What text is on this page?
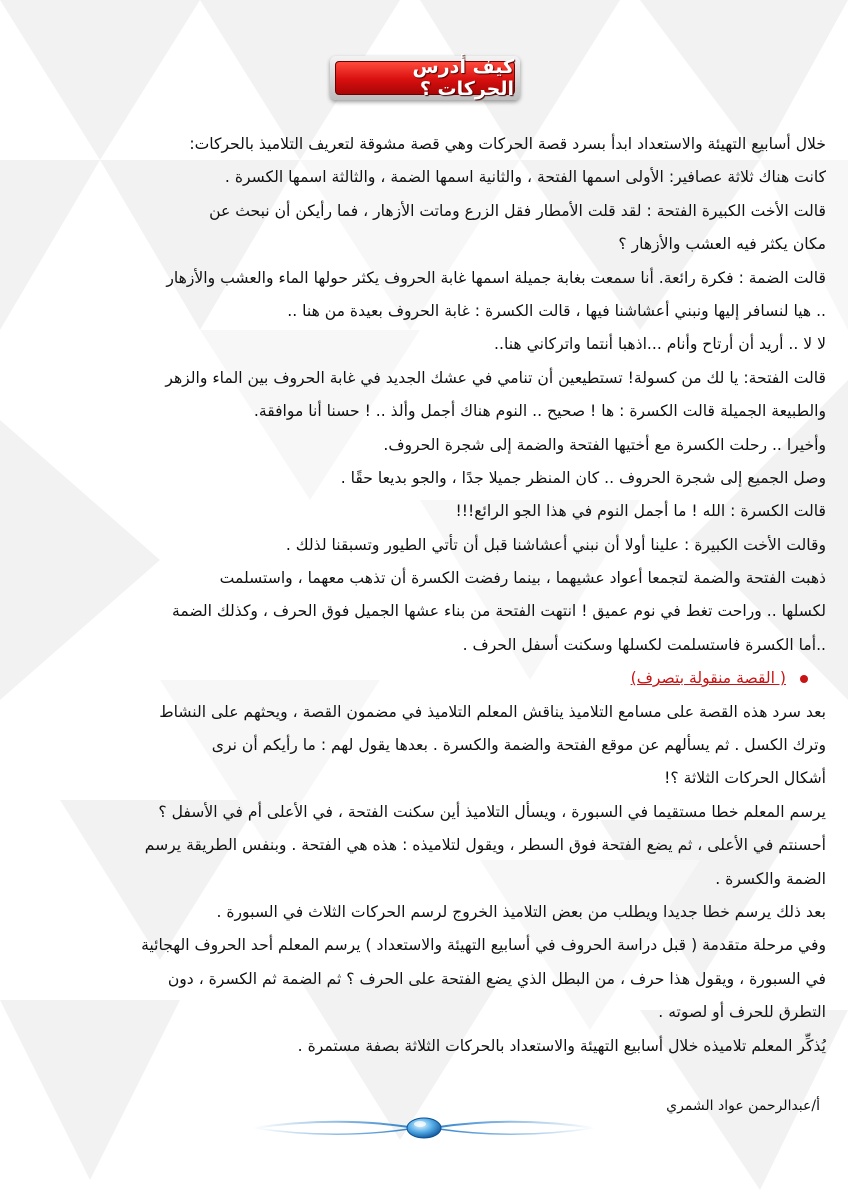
كيف أدرس الحركات ؟
خلال أسابيع التهيئة والاستعداد ابدأ بسرد قصة الحركات وهي قصة مشوقة لتعريف التلاميذ بالحركات:
كانت هناك ثلاثة عصافير: الأولى اسمها الفتحة ، والثانية اسمها الضمة ، والثالثة اسمها الكسرة .
قالت الأخت الكبيرة الفتحة : لقد قلت الأمطار فقل الزرع وماتت الأزهار ، فما رأيكن أن نبحث عن
مكان يكثر فيه العشب والأزهار ؟
قالت الضمة : فكرة رائعة. أنا سمعت بغابة جميلة اسمها غابة الحروف يكثر حولها الماء والعشب والأزهار
.. هيا لنسافر إليها ونبني أعشاشنا فيها ، قالت الكسرة : غابة الحروف بعيدة من هنا ..
لا لا .. أريد أن أرتاح وأنام ...اذهبا أنتما واتركاني هنا..
قالت الفتحة: يا لك من كسولة! تستطيعين أن تنامي في عشك الجديد في غابة الحروف بين الماء والزهر
والطبيعة الجميلة قالت الكسرة : ها ! صحيح .. النوم هناك أجمل وألذ .. ! حسنا أنا موافقة.
وأخيرا .. رحلت الكسرة مع أختيها الفتحة والضمة إلى شجرة الحروف.
وصل الجميع إلى شجرة الحروف .. كان المنظر جميلا جدًا ، والجو بديعا حقًا .
قالت الكسرة : الله ! ما أجمل النوم في هذا الجو الرائع!!!
وقالت الأخت الكبيرة : علينا أولا أن نبني أعشاشنا قبل أن تأتي الطيور وتسبقنا لذلك .
ذهبت الفتحة والضمة لتجمعا أعواد عشيهما ، بينما رفضت الكسرة أن تذهب معهما ، واستسلمت
لكسلها .. وراحت تغط في نوم عميق ! انتهت الفتحة من بناء عشها الجميل فوق الحرف ، وكذلك الضمة
..أما الكسرة فاستسلمت لكسلها وسكنت أسفل الحرف .
( القصة منقولة بتصرف)
بعد سرد هذه القصة على مسامع التلاميذ يناقش المعلم التلاميذ في مضمون القصة ، ويحثهم على النشاط
وترك الكسل . ثم يسألهم عن موقع الفتحة والضمة والكسرة . بعدها يقول لهم : ما رأيكم أن نرى
أشكال الحركات الثلاثة ؟!
يرسم المعلم خطا مستقيما في السبورة ، ويسأل التلاميذ أين سكنت الفتحة ، في الأعلى أم في الأسفل ؟
أحسنتم في الأعلى ، ثم يضع الفتحة فوق السطر ، ويقول لتلاميذه : هذه هي الفتحة . وبنفس الطريقة يرسم
الضمة والكسرة .
بعد ذلك يرسم خطا جديدا ويطلب من بعض التلاميذ الخروج لرسم الحركات الثلاث في السبورة .
وفي مرحلة متقدمة ( قبل دراسة الحروف في أسابيع التهيئة والاستعداد ) يرسم المعلم أحد الحروف الهجائية
في السبورة ، ويقول هذا حرف ، من البطل الذي يضع الفتحة على الحرف ؟ ثم الضمة ثم الكسرة ، دون
التطرق للحرف أو لصوته .
يُذكِّر المعلم تلاميذه خلال أسابيع التهيئة والاستعداد بالحركات الثلاثة بصفة مستمرة .
أ/عبدالرحمن عواد الشمري
